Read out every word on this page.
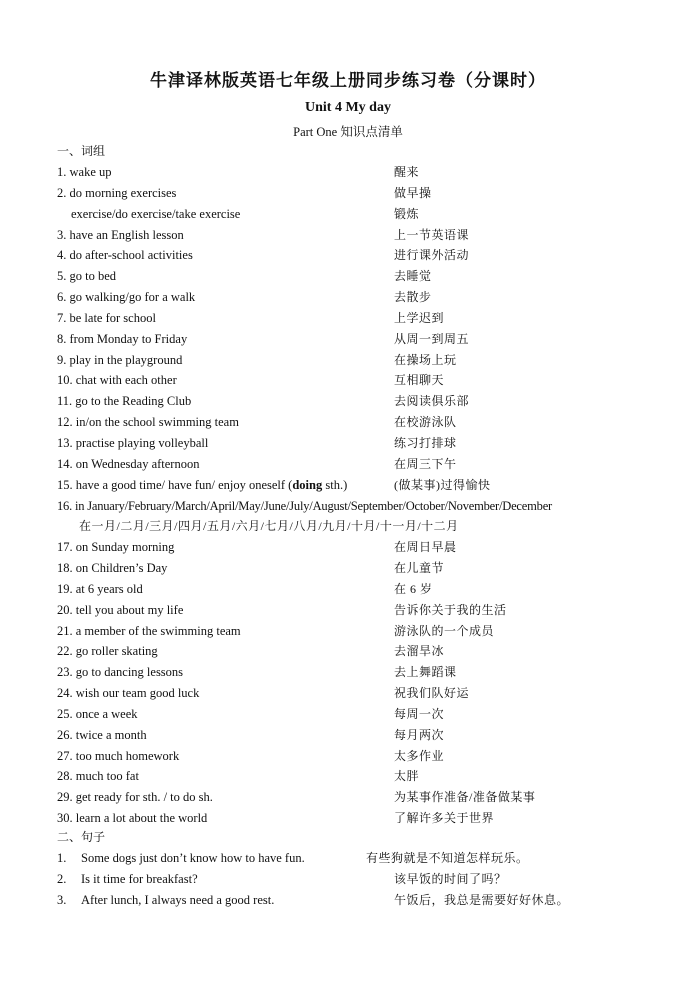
牛津译林版英语七年级上册同步练习卷（分课时）
Unit 4 My day
Part One 知识点清单
一、词组
1. wake up	醒来
2. do morning exercises	做早操
exercise/do exercise/take exercise	锻炼
3. have an English lesson	上一节英语课
4. do after-school activities	进行课外活动
5. go to bed	去睡觉
6. go walking/go for a walk	去散步
7. be late for school	上学迟到
8. from Monday to Friday	从周一到周五
9. play in the playground	在操场上玩
10. chat with each other	互相聊天
11. go to the Reading Club	去阅读俱乐部
12. in/on the school swimming team	在校游泳队
13. practise playing volleyball	练习打排球
14. on Wednesday afternoon	在周三下午
15. have a good time/ have fun/ enjoy oneself (doing sth.)	(做某事)过得愉快
16. in January/February/March/April/May/June/July/August/September/October/November/December
在一月/二月/三月/四月/五月/六月/七月/八月/九月/十月/十一月/十二月
17. on Sunday morning	在周日早晨
18. on Children’s Day	在儿童节
19. at 6 years old	在 6 岁
20. tell you about my life	告诉你关于我的生活
21. a member of the swimming team	游泳队的一个成员
22. go roller skating	去溜旱冰
23. go to dancing lessons	去上舞蹈课
24. wish our team good luck	祝我们队好运
25. once a week	每周一次
26. twice a month	每月两次
27. too much homework	太多作业
28. much too fat	太胖
29. get ready for sth. / to do sh.	为某事作准备/准备做某事
30. learn a lot about the world	了解许多关于世界
二、句子
1. Some dogs just don’t know how to have fun.	有些狗就是不知道怎样玩乐。
2. Is it time for breakfast?	该早饭的时间了吗？
3. After lunch, I always need a good rest.	午饭后，我总是需要好好休息。
